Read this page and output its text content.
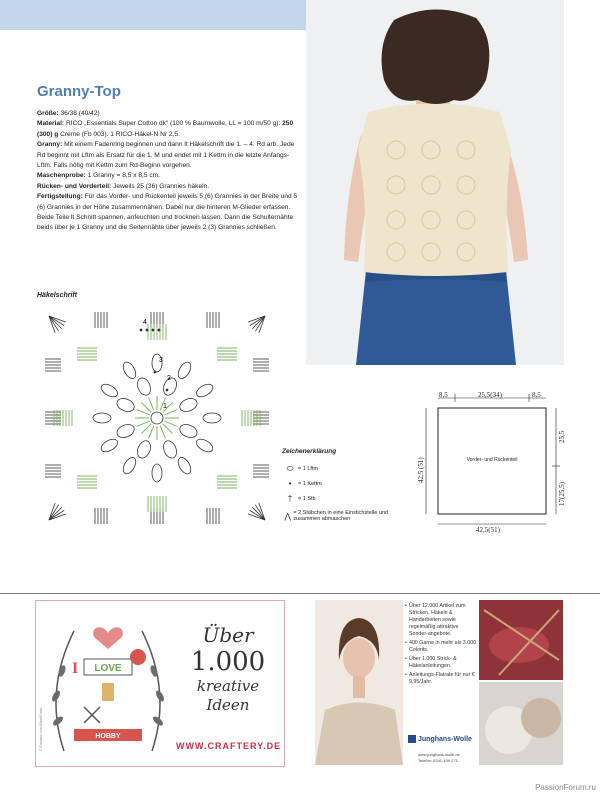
Granny-Top

Größe: 36/38 (40/42)

Material: RICO „Essentials Super Cotton dk“ (100 % Baumwolle, LL = 100 m/50 g): 250 (300) g Creme (Fb 003). 1 RICO-Häkel-N Nr 2,5.

Granny: Mit einem Fadenring beginnen und dann lt Häkelschrift die 1. – 4. Rd arb. Jede Rd beginnt mit Lftm als Ersatz für die 1. M und endet mit 1 Kettm in die letzte Anfangs-Lftm. Falls nötig mit Kettm zum Rd-Beginn vorgehen.

Maschenprobe: 1 Granny = 8,5 x 8,5 cm.

Rücken- und Vorderteil: Jeweils 25 (36) Grannies häkeln.

Fertigstellung: Für das Vorder- und Rückenteil jeweils 5 (6) Grannies in der Breite und 5 (6) Grannies in der Höhe zusammennähen. Dabei nur die hinteren M-Glieder erfassen. Beide Teile lt Schnitt spannen, anfeuchten und trocknen lassen. Dann die Schulternähte beids über je 1 Granny und die Seitennähte über jeweils 2 (3) Grannies schließen.

Häkelschrift
4
3
2
1
Zeichenerklärung
⬭ = 1 Lftm
•	= 1 Kettm
†	= 1 Stb
⋀ = 2 Stäbchen in eine Einstichstelle und zusammen abmaschen
8,5	25,5(34)	8,5
25,5
17(25,5)
42,5 (51)
42,5(51)
Vorder- und Rückenteil
LOVE
I
HOBBY
Über
1.000
kreative
Ideen
WWW.CRAFTERY.DE
© Enkaalo.com/iStockPhoto
• Über 12.000 Artikel zum Stricken, Häkeln & Handarbeiten sowie regelmäßig attraktive Sonder-angebote.
• 400 Garne in mehr als 3.000 Colorits.
• Über 1.000 Strick- & Häkelanleitungen.
• Anleitungs-Flatrate für nur € 9,95/Jahr.
Junghans-Wolle
www.junghans-wolle.de
Telefon: 0241-109 271
PassionForum.ru
